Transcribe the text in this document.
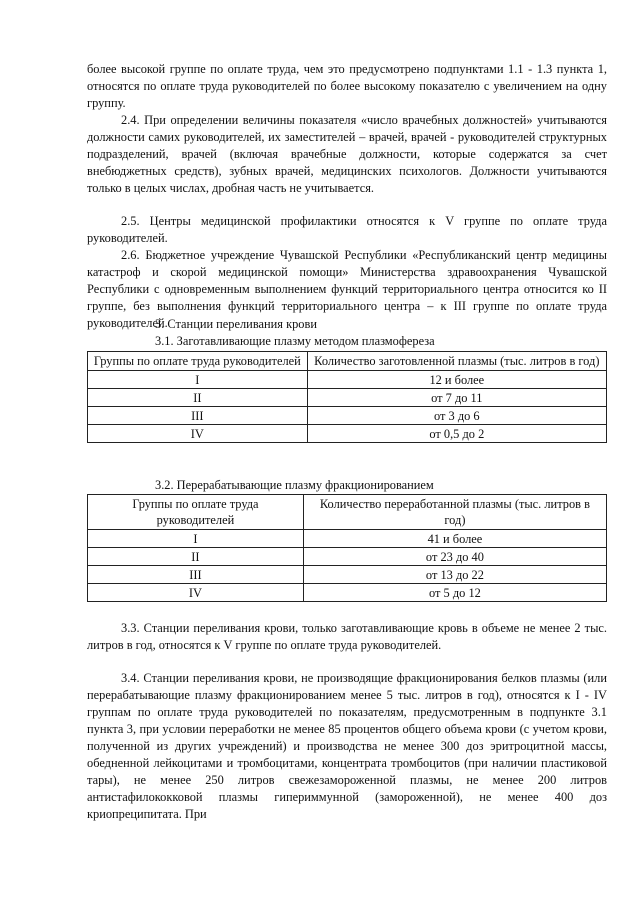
более высокой группе по оплате труда, чем это предусмотрено подпунктами 1.1 - 1.3 пункта 1, относятся по оплате труда руководителей по более высокому показателю с увеличением на одну группу.

2.4. При определении величины показателя «число врачебных должностей» учитываются должности самих руководителей, их заместителей – врачей, врачей - руководителей структурных подразделений, врачей (включая врачебные должности, которые содержатся за счет внебюджетных средств), зубных врачей, медицинских психологов. Должности учитываются только в целых числах, дробная часть не учитывается.

2.5. Центры медицинской профилактики относятся к V группе по оплате труда руководителей.

2.6. Бюджетное учреждение Чувашской Республики «Республиканский центр медицины катастроф и скорой медицинской помощи» Министерства здравоохранения Чувашской Республики с одновременным выполнением функций территориального центра относится ко II группе, без выполнения функций территориального центра – к III группе по оплате труда руководителей.

3. Станции переливания крови

3.1. Заготавливающие плазму методом плазмофереза

Группы по оплате труда руководителей	Количество заготовленной плазмы (тыс. литров в год)
I	12 и более
II	от 7 до 11
III	от 3 до 6
IV	от 0,5 до 2

3.2. Перерабатывающие плазму фракционированием

Группы по оплате труда руководителей	Количество переработанной плазмы (тыс. литров в год)
I	41 и более
II	от 23 до 40
III	от 13 до 22
IV	от 5 до 12

3.3. Станции переливания крови, только заготавливающие кровь в объеме не менее 2 тыс. литров в год, относятся к V группе по оплате труда руководителей.

3.4. Станции переливания крови, не производящие фракционирования белков плазмы (или перерабатывающие плазму фракционированием менее 5 тыс. литров в год), относятся к I - IV группам по оплате труда руководителей по показателям, предусмотренным в подпункте 3.1 пункта 3, при условии переработки не менее 85 процентов общего объема крови (с учетом крови, полученной из других учреждений) и производства не менее 300 доз эритроцитной массы, обедненной лейкоцитами и тромбоцитами, концентрата тромбоцитов (при наличии пластиковой тары), не менее 250 литров свежезамороженной плазмы, не менее 200 литров антистафилококковой плазмы гипериммунной (замороженной), не менее 400 доз криопреципитата. При
